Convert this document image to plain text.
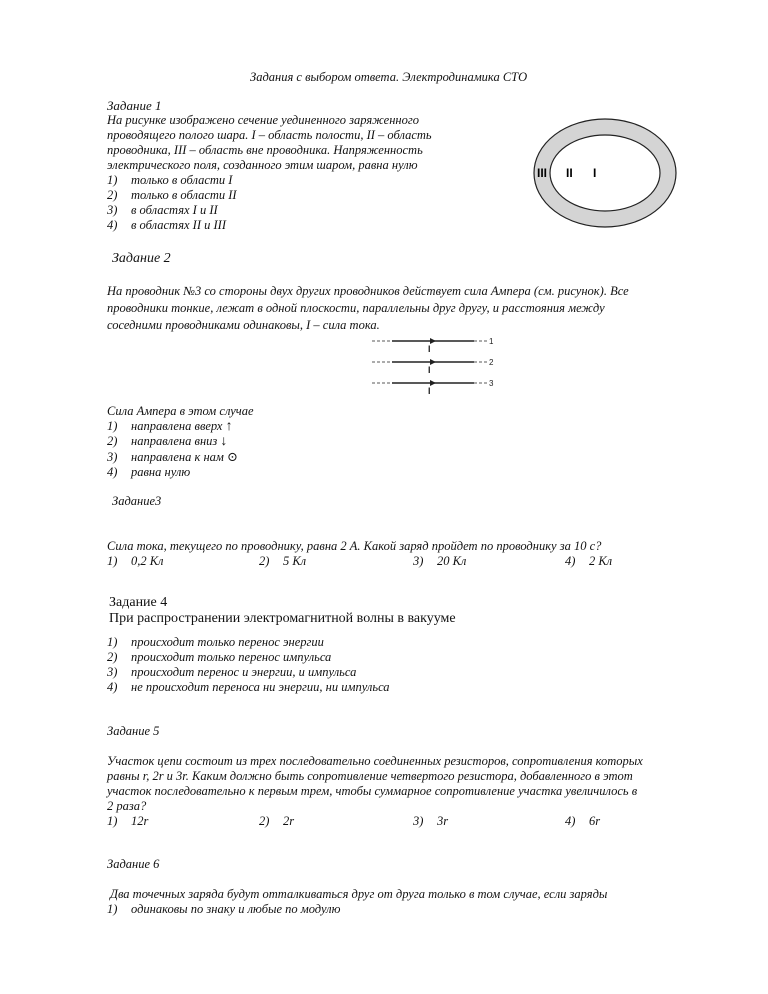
Задания с выбором ответа. Электродинамика СТО
Задание 1
На рисунке изображено сечение уединенного заряженного
проводящего полого шара. I – область полости, II – область
проводника, III – область вне проводника. Напряженность
электрического поля, созданного этим шаром, равна нулю
1) только в области I
2) только в области II
3) в областях I и II
4) в областях II и III
III II I
Задание 2
На проводник №3 со стороны двух других проводников действует сила Ампера (см. рисунок). Все
проводники тонкие, лежат в одной плоскости, параллельны друг другу, и расстояния между
соседними проводниками одинаковы, I – сила тока.
1
2
3
I
I
I
Сила Ампера в этом случае
1) направлена вверх ↑
2) направлена вниз ↓
3) направлена к нам ⊙
4) равна нулю
Задание3
Сила тока, текущего по проводнику, равна 2 А. Какой заряд пройдет по проводнику за 10 с?
1) 0,2 Кл	2) 5 Кл	3) 20 Кл	4) 2 Кл
Задание 4
При распространении электромагнитной волны в вакууме
1) происходит только перенос энергии
2) происходит только перенос импульса
3) происходит перенос и энергии, и импульса
4) не происходит переноса ни энергии, ни импульса
Задание 5
Участок цепи состоит из трех последовательно соединенных резисторов, сопротивления которых
равны r, 2r и 3r. Каким должно быть сопротивление четвертого резистора, добавленного в этот
участок последовательно к первым трем, чтобы суммарное сопротивление участка увеличилось в
2 раза?
1) 12r	2) 2r	3) 3r	4) 6r
Задание 6
Два точечных заряда будут отталкиваться друг от друга только в том случае, если заряды
1) одинаковы по знаку и любые по модулю
